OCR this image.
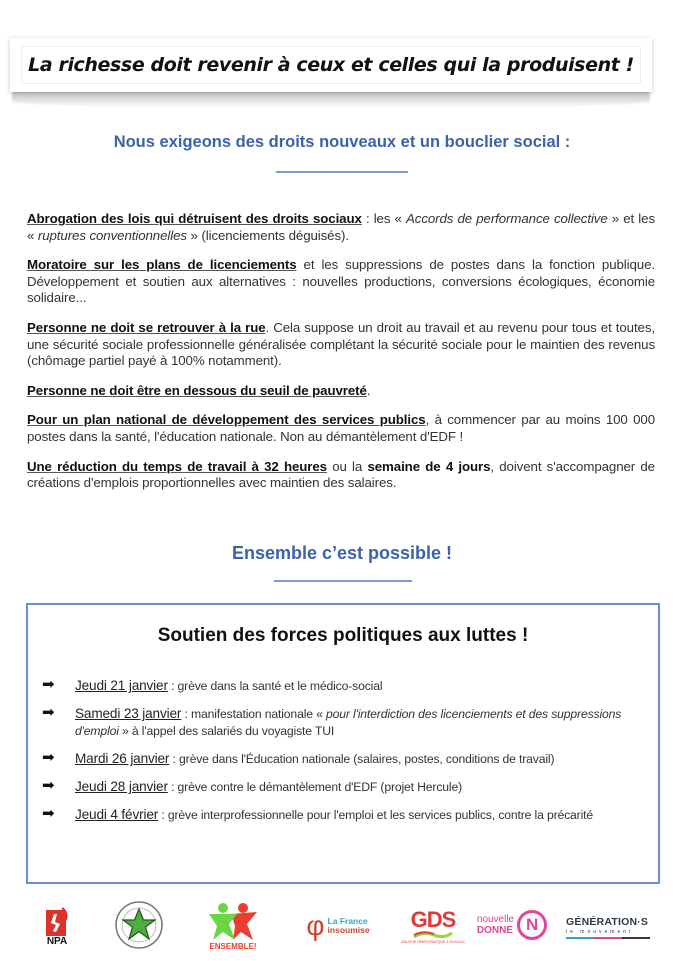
La richesse doit revenir à ceux et celles qui la produisent !
Nous exigeons des droits nouveaux et un bouclier social :

Abrogation des lois qui détruisent des droits sociaux : les « Accords de performance collective » et les « ruptures conventionnelles » (licenciements déguisés).

Moratoire sur les plans de licenciements et les suppressions de postes dans la fonction publique. Développement et soutien aux alternatives : nouvelles productions, conversions écologiques, économie solidaire...

Personne ne doit se retrouver à la rue. Cela suppose un droit au travail et au revenu pour tous et toutes, une sécurité sociale professionnelle généralisée complétant la sécurité sociale pour le maintien des revenus (chômage partiel payé à 100% notamment).

Personne ne doit être en dessous du seuil de pauvreté.

Pour un plan national de développement des services publics, à commencer par au moins 100 000 postes dans la santé, l'éducation nationale. Non au démantèlement d'EDF !

Une réduction du temps de travail à 32 heures ou la semaine de 4 jours, doivent s'accompagner de créations d'emplois proportionnelles avec maintien des salaires.

Ensemble c’est possible !
Soutien des forces politiques aux luttes !
➡	Jeudi 21 janvier : grève dans la santé et le médico-social
➡	Samedi 23 janvier : manifestation nationale « pour l'interdiction des licenciements et des suppressions d'emploi » à l'appel des salariés du voyagiste TUI
➡	Mardi 26 janvier : grève dans l'Éducation nationale (salaires, postes, conditions de travail)
➡	Jeudi 28 janvier : grève contre le démantèlement d'EDF (projet Hercule)
➡	Jeudi 4 février : grève interprofessionnelle pour l'emploi et les services publics, contre la précarité
NPA	ENSEMBLE!
φ La France
insoumise GDS
GAUCHE DÉMOCRATIQUE & SOCIALE
nouvelle
DONNE N	GÉNÉRATION·S
le mouvement
